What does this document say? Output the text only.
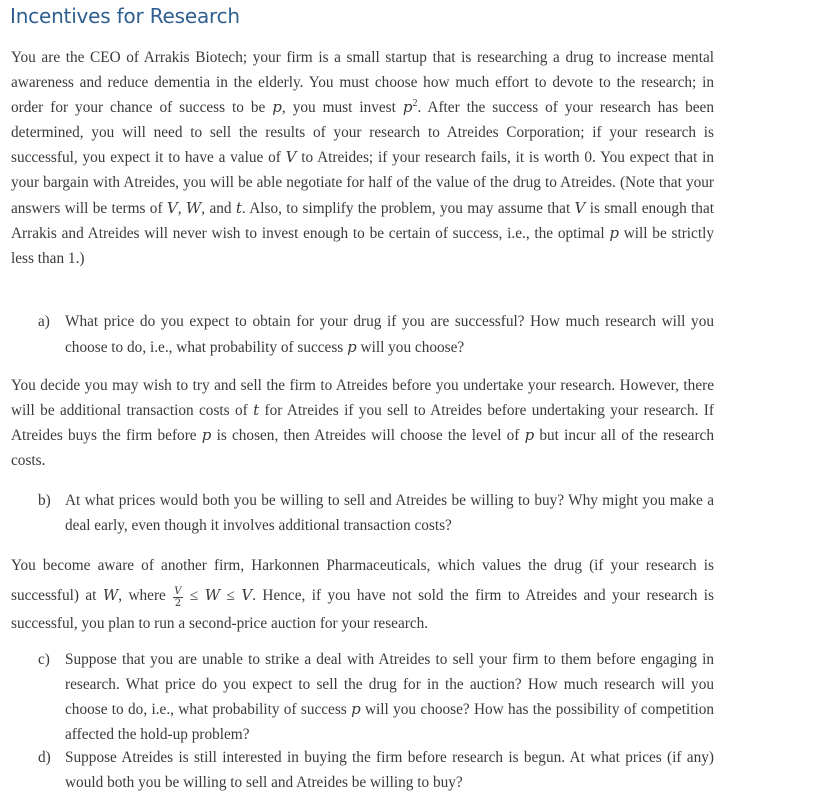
Incentives for Research

You are the CEO of Arrakis Biotech; your firm is a small startup that is researching a drug to increase mental awareness and reduce dementia in the elderly. You must choose how much effort to devote to the research; in order for your chance of success to be p, you must invest $p^2$. After the success of your research has been determined, you will need to sell the results of your research to Atreides Corporation; if your research is successful, you expect it to have a value of V to Atreides; if your research fails, it is worth 0. You expect that in your bargain with Atreides, you will be able negotiate for half of the value of the drug to Atreides. (Note that your answers will be terms of V, W, and t. Also, to simplify the problem, you may assume that V is small enough that Arrakis and Atreides will never wish to invest enough to be certain of success, i.e., the optimal p will be strictly less than 1.)

a) What price do you expect to obtain for your drug if you are successful? How much research will you choose to do, i.e., what probability of success p will you choose?

You decide you may wish to try and sell the firm to Atreides before you undertake your research. However, there will be additional transaction costs of t for Atreides if you sell to Atreides before undertaking your research. If Atreides buys the firm before p is chosen, then Atreides will choose the level of p but incur all of the research costs.

b) At what prices would both you be willing to sell and Atreides be willing to buy? Why might you make a deal early, even though it involves additional transaction costs?

You become aware of another firm, Harkonnen Pharmaceuticals, which values the drug (if your research is successful) at W, where $\frac{V}{2} \le W \le V$. Hence, if you have not sold the firm to Atreides and your research is successful, you plan to run a second-price auction for your research.

c) Suppose that you are unable to strike a deal with Atreides to sell your firm to them before engaging in research. What price do you expect to sell the drug for in the auction? How much research will you choose to do, i.e., what probability of success p will you choose? How has the possibility of competition affected the hold-up problem?

d) Suppose Atreides is still interested in buying the firm before research is begun. At what prices (if any) would both you be willing to sell and Atreides be willing to buy?
